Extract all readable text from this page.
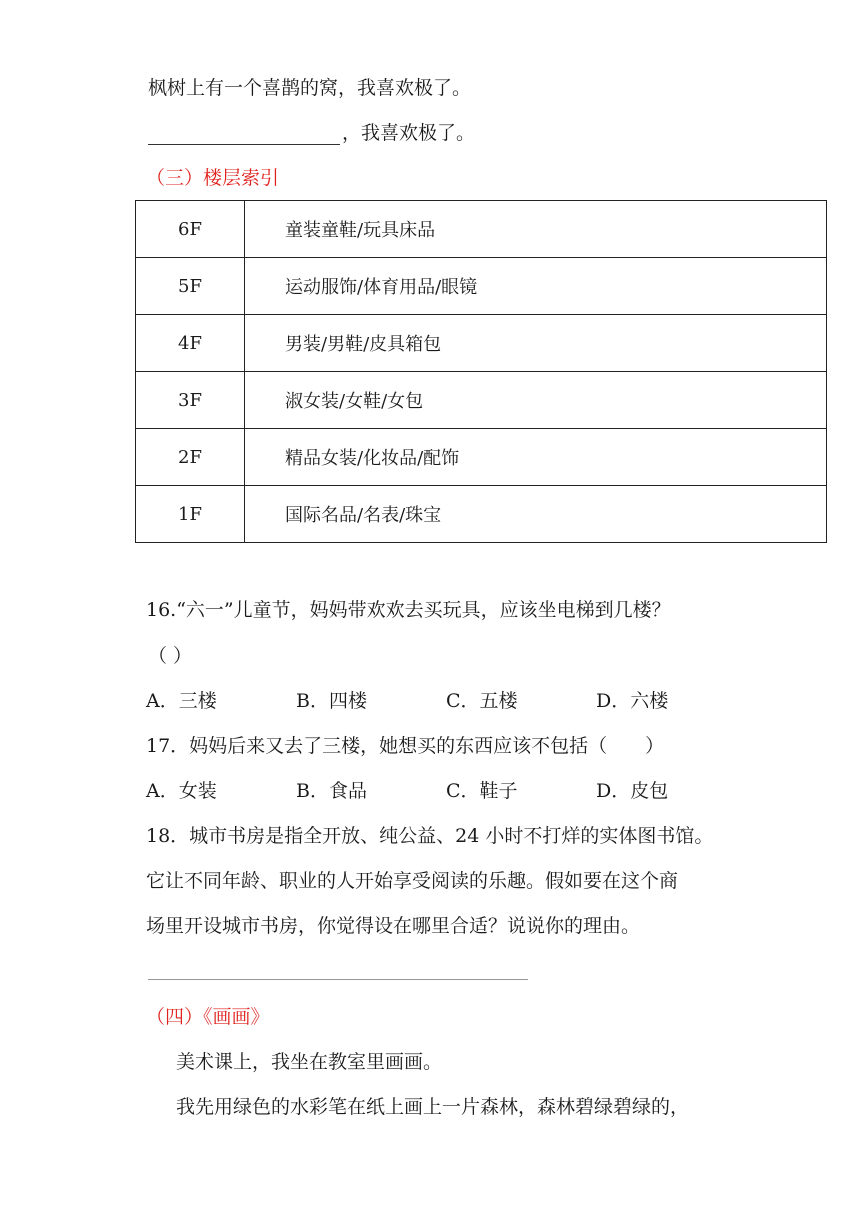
枫树上有一个喜鹊的窝，我喜欢极了。
，我喜欢极了。
（三）楼层索引
6F	童装童鞋/玩具床品
5F	运动服饰/体育用品/眼镜
4F	男装/男鞋/皮具箱包
3F	淑女装/女鞋/女包
2F	精品女装/化妆品/配饰
1F	国际名品/名表/珠宝
16.“六一”儿童节，妈妈带欢欢去买玩具，应该坐电梯到几楼？
（ ）
A．三楼	B．四楼	C．五楼	D．六楼
17．妈妈后来又去了三楼，她想买的东西应该不包括（　　）
A．女装	B．食品	C．鞋子	D．皮包
18．城市书房是指全开放、纯公益、24 小时不打烊的实体图书馆。
它让不同年龄、职业的人开始享受阅读的乐趣。假如要在这个商
场里开设城市书房，你觉得设在哪里合适？说说你的理由。
（四）《画画》
美术课上，我坐在教室里画画。
我先用绿色的水彩笔在纸上画上一片森林，森林碧绿碧绿的，
